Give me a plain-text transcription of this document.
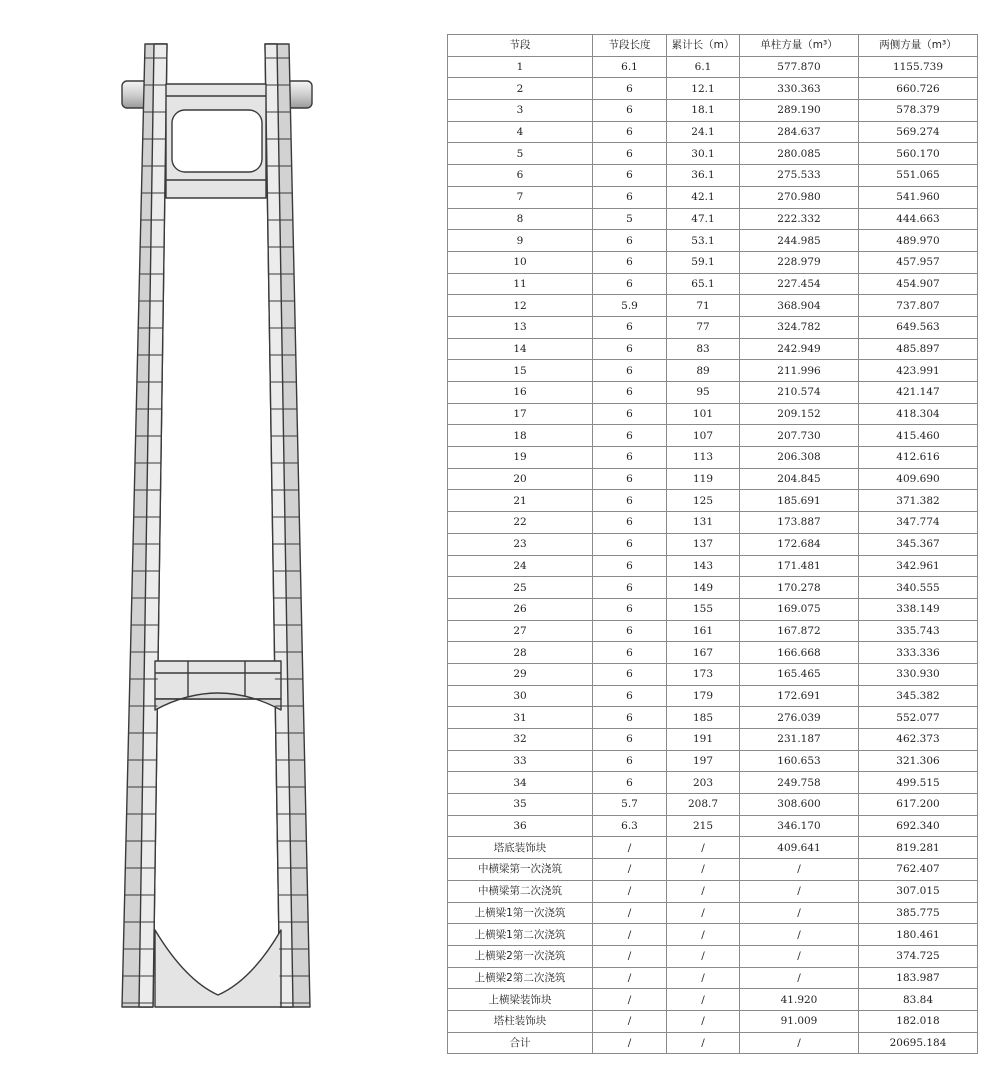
节段	节段长度	累计长（m）	单柱方量（m³）	两侧方量（m³）
1	6.1	6.1	577.870	1155.739
2	6	12.1	330.363	660.726
3	6	18.1	289.190	578.379
4	6	24.1	284.637	569.274
5	6	30.1	280.085	560.170
6	6	36.1	275.533	551.065
7	6	42.1	270.980	541.960
8	5	47.1	222.332	444.663
9	6	53.1	244.985	489.970
10	6	59.1	228.979	457.957
11	6	65.1	227.454	454.907
12	5.9	71	368.904	737.807
13	6	77	324.782	649.563
14	6	83	242.949	485.897
15	6	89	211.996	423.991
16	6	95	210.574	421.147
17	6	101	209.152	418.304
18	6	107	207.730	415.460
19	6	113	206.308	412.616
20	6	119	204.845	409.690
21	6	125	185.691	371.382
22	6	131	173.887	347.774
23	6	137	172.684	345.367
24	6	143	171.481	342.961
25	6	149	170.278	340.555
26	6	155	169.075	338.149
27	6	161	167.872	335.743
28	6	167	166.668	333.336
29	6	173	165.465	330.930
30	6	179	172.691	345.382
31	6	185	276.039	552.077
32	6	191	231.187	462.373
33	6	197	160.653	321.306
34	6	203	249.758	499.515
35	5.7	208.7	308.600	617.200
36	6.3	215	346.170	692.340
塔底装饰块	/	/	409.641	819.281
中横梁第一次浇筑	/	/	/	762.407
中横梁第二次浇筑	/	/	/	307.015
上横梁1第一次浇筑	/	/	/	385.775
上横梁1第二次浇筑	/	/	/	180.461
上横梁2第一次浇筑	/	/	/	374.725
上横梁2第二次浇筑	/	/	/	183.987
上横梁装饰块	/	/	41.920	83.84
塔柱装饰块	/	/	91.009	182.018
合计	/	/	/	20695.184
